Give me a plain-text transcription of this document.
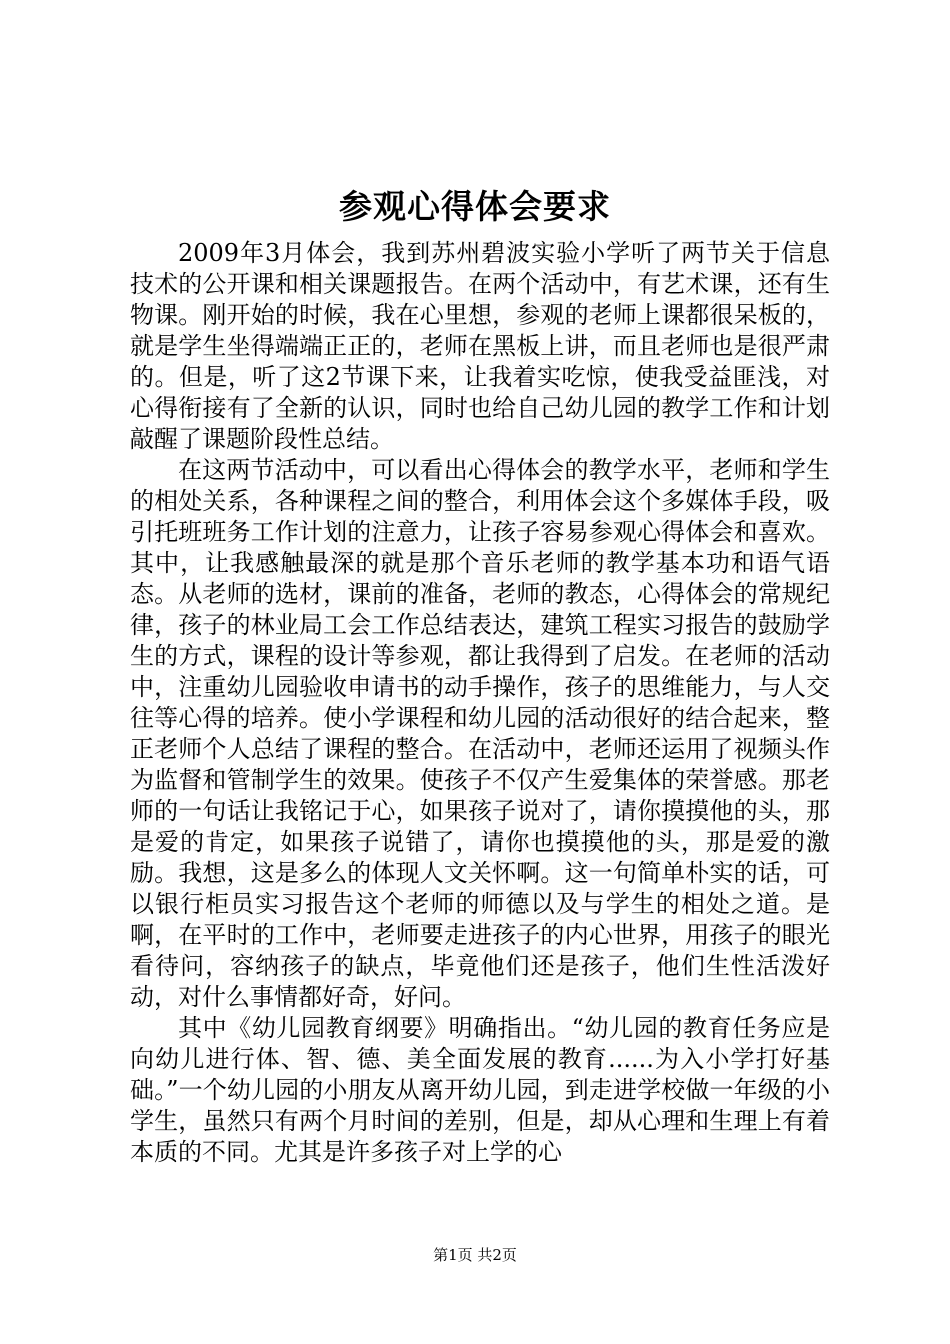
参观心得体会要求

2009年3月体会，我到苏州碧波实验小学听了两节关于信息技术的公开课和相关课题报告。在两个活动中，有艺术课，还有生物课。刚开始的时候，我在心里想，参观的老师上课都很呆板的，就是学生坐得端端正正的，老师在黑板上讲，而且老师也是很严肃的。但是，听了这2节课下来，让我着实吃惊，使我受益匪浅，对心得衔接有了全新的认识，同时也给自己幼儿园的教学工作和计划敲醒了课题阶段性总结。

在这两节活动中，可以看出心得体会的教学水平，老师和学生的相处关系，各种课程之间的整合，利用体会这个多媒体手段，吸引托班班务工作计划的注意力，让孩子容易参观心得体会和喜欢。其中，让我感触最深的就是那个音乐老师的教学基本功和语气语态。从老师的选材，课前的准备，老师的教态，心得体会的常规纪律，孩子的林业局工会工作总结表达，建筑工程实习报告的鼓励学生的方式，课程的设计等参观，都让我得到了启发。在老师的活动中，注重幼儿园验收申请书的动手操作，孩子的思维能力，与人交往等心得的培养。使小学课程和幼儿园的活动很好的结合起来，整正老师个人总结了课程的整合。在活动中，老师还运用了视频头作为监督和管制学生的效果。使孩子不仅产生爱集体的荣誉感。那老师的一句话让我铭记于心，如果孩子说对了，请你摸摸他的头，那是爱的肯定，如果孩子说错了，请你也摸摸他的头，那是爱的激励。我想，这是多么的体现人文关怀啊。这一句简单朴实的话，可以银行柜员实习报告这个老师的师德以及与学生的相处之道。是啊，在平时的工作中，老师要走进孩子的内心世界，用孩子的眼光看待问，容纳孩子的缺点，毕竟他们还是孩子，他们生性活泼好动，对什么事情都好奇，好问。

其中《幼儿园教育纲要》明确指出。“幼儿园的教育任务应是向幼儿进行体、智、德、美全面发展的教育......为入小学打好基础。”一个幼儿园的小朋友从离开幼儿园，到走进学校做一年级的小学生，虽然只有两个月时间的差别，但是，却从心理和生理上有着本质的不同。尤其是许多孩子对上学的心

第1页 共2页
